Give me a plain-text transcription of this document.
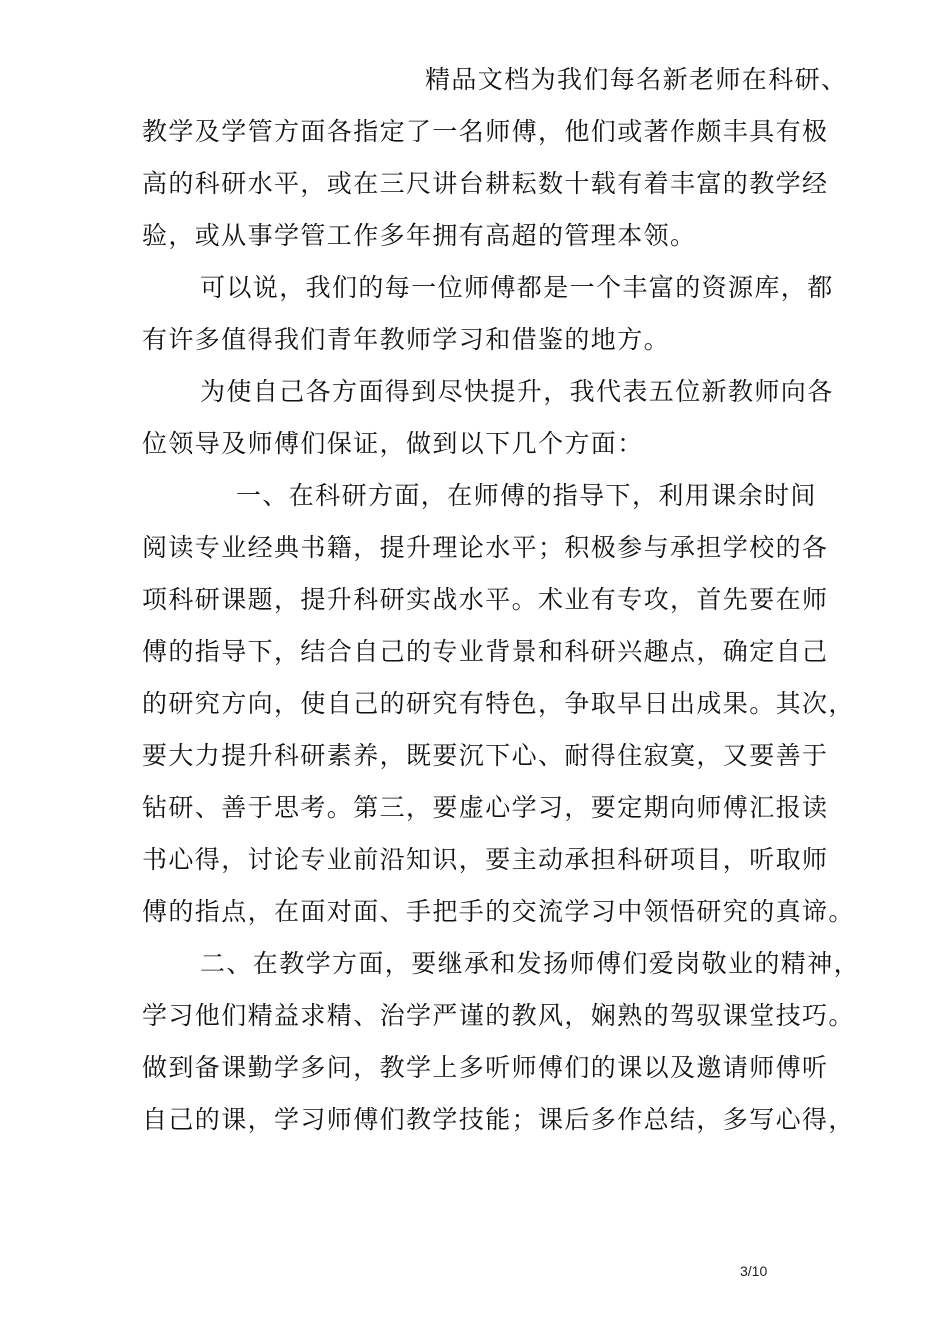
精品文档为我们每名新老师在科研、
教学及学管方面各指定了一名师傅，他们或著作颇丰具有极
高的科研水平，或在三尺讲台耕耘数十载有着丰富的教学经
验，或从事学管工作多年拥有高超的管理本领。
可以说，我们的每一位师傅都是一个丰富的资源库，都
有许多值得我们青年教师学习和借鉴的地方。
为使自己各方面得到尽快提升，我代表五位新教师向各
位领导及师傅们保证，做到以下几个方面：
一、在科研方面，在师傅的指导下，利用课余时间
阅读专业经典书籍，提升理论水平；积极参与承担学校的各
项科研课题，提升科研实战水平。术业有专攻，首先要在师
傅的指导下，结合自己的专业背景和科研兴趣点，确定自己
的研究方向，使自己的研究有特色，争取早日出成果。其次，
要大力提升科研素养，既要沉下心、耐得住寂寞，又要善于
钻研、善于思考。第三，要虚心学习，要定期向师傅汇报读
书心得，讨论专业前沿知识，要主动承担科研项目，听取师
傅的指点，在面对面、手把手的交流学习中领悟研究的真谛。
二、在教学方面，要继承和发扬师傅们爱岗敬业的精神，
学习他们精益求精、治学严谨的教风，娴熟的驾驭课堂技巧。
做到备课勤学多问，教学上多听师傅们的课以及邀请师傅听
自己的课，学习师傅们教学技能；课后多作总结，多写心得，
3/10
